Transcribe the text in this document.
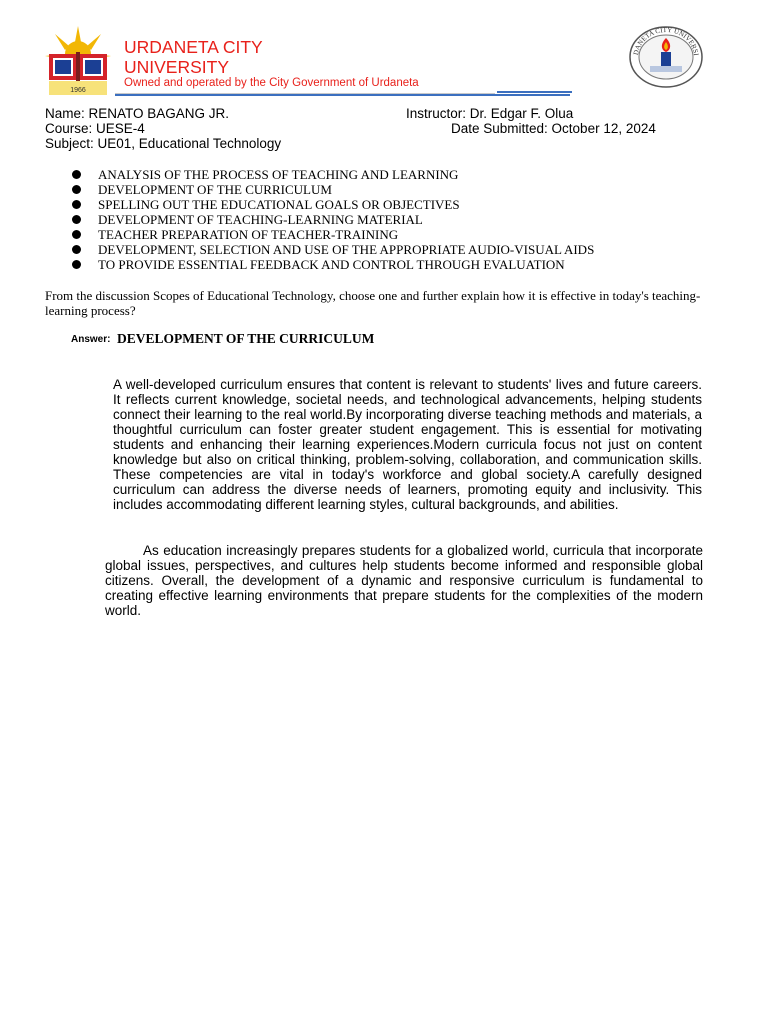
1966
URDANETA CITY UNIVERSITY
Owned and operated by the City Government of Urdaneta
DANETA CITY UNIVERSI
Name: RENATO BAGANG JR.	Instructor: Dr. Edgar F. Olua
Course: UESE-4	Date Submitted: October 12, 2024
Subject: UE01, Educational Technology
ANALYSIS OF THE PROCESS OF TEACHING AND LEARNING
DEVELOPMENT OF THE CURRICULUM
SPELLING OUT THE EDUCATIONAL GOALS OR OBJECTIVES
DEVELOPMENT OF TEACHING-LEARNING MATERIAL
TEACHER PREPARATION OF TEACHER-TRAINING
DEVELOPMENT, SELECTION AND USE OF THE APPROPRIATE AUDIO-VISUAL AIDS
TO PROVIDE ESSENTIAL FEEDBACK AND CONTROL THROUGH EVALUATION
From the discussion Scopes of Educational Technology, choose one and further explain how it is effective in today's teaching-learning process?
Answer: DEVELOPMENT OF THE CURRICULUM
A well-developed curriculum ensures that content is relevant to students' lives and future careers. It reflects current knowledge, societal needs, and technological advancements, helping students connect their learning to the real world.By incorporating diverse teaching methods and materials, a thoughtful curriculum can foster greater student engagement. This is essential for motivating students and enhancing their learning experiences.Modern curricula focus not just on content knowledge but also on critical thinking, problem-solving, collaboration, and communication skills. These competencies are vital in today's workforce and global society.A carefully designed curriculum can address the diverse needs of learners, promoting equity and inclusivity. This includes accommodating different learning styles, cultural backgrounds, and abilities.
As education increasingly prepares students for a globalized world, curricula that incorporate global issues, perspectives, and cultures help students become informed and responsible global citizens. Overall, the development of a dynamic and responsive curriculum is fundamental to creating effective learning environments that prepare students for the complexities of the modern world.
